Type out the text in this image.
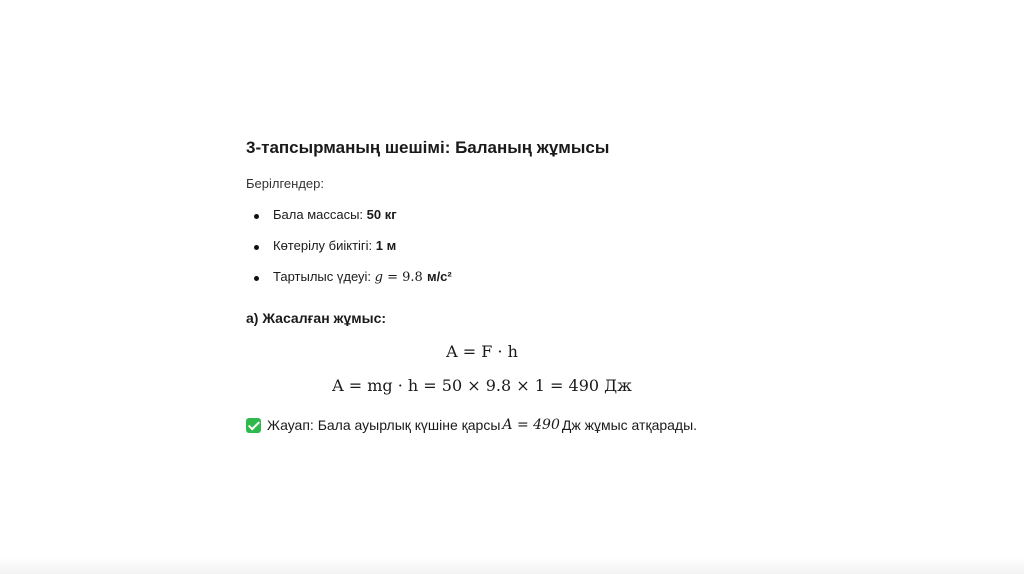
3-тапсырманың шешімі: Баланың жұмысы
Берілгендер:
Бала массасы: 50 кг
Көтерілу биіктігі: 1 м
Тартылыс үдеуі: g = 9.8 м/с²
а) Жасалған жұмыс:
A = F · h
A = mg · h = 50 × 9.8 × 1 = 490 Дж
Жауап: Бала ауырлық күшіне қарсы A = 490 Дж жұмыс атқарады.
